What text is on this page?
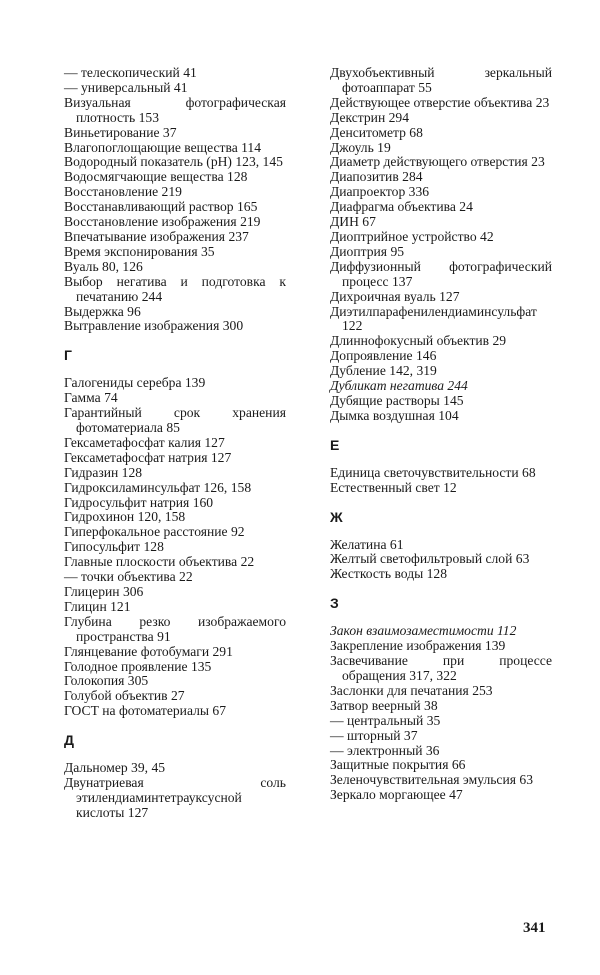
— телескопический 41
— универсальный 41
Визуальная фотографическая плотность 153
Виньетирование 37
Влагопоглощающие вещества 114
Водородный показатель (pH) 123, 145
Водосмягчающие вещества 128
Восстановление 219
Восстанавливающий раствор 165
Восстановление изображения 219
Впечатывание изображения 237
Время экспонирования 35
Вуаль 80, 126
Выбор негатива и подготовка к печатанию 244
Выдержка 96
Вытравление изображения 300
Г
Галогениды серебра 139
Гамма 74
Гарантийный срок хранения фотоматериала 85
Гексаметафосфат калия 127
Гексаметафосфат натрия 127
Гидразин 128
Гидроксиламинсульфат 126, 158
Гидросульфит натрия 160
Гидрохинон 120, 158
Гиперфокальное расстояние 92
Гипосульфит 128
Главные плоскости объектива 22
— точки объектива 22
Глицерин 306
Глицин 121
Глубина резко изображаемого пространства 91
Глянцевание фотобумаги 291
Голодное проявление 135
Голокопия 305
Голубой объектив 27
ГОСТ на фотоматериалы 67
Д
Дальномер 39, 45
Двунатриевая соль этилендиаминтетрауксусной кислоты 127
Двухобъективный зеркальный фотоаппарат 55
Действующее отверстие объектива 23
Декстрин 294
Денситометр 68
Джоуль 19
Диаметр действующего отверстия 23
Диапозитив 284
Диапроектор 336
Диафрагма объектива 24
ДИН 67
Диоптрийное устройство 42
Диоптрия 95
Диффузионный фотографический процесс 137
Дихроичная вуаль 127
Диэтилпарафенилендиаминсульфат 122
Длиннофокусный объектив 29
Допроявление 146
Дубление 142, 319
Дубликат негатива 244
Дубящие растворы 145
Дымка воздушная 104
Е
Единица светочувствительности 68
Естественный свет 12
Ж
Желатина 61
Желтый светофильтровый слой 63
Жесткость воды 128
З
Закон взаимозаместимости 112
Закрепление изображения 139
Засвечивание при процессе обращения 317, 322
Заслонки для печатания 253
Затвор веерный 38
— центральный 35
— шторный 37
— электронный 36
Защитные покрытия 66
Зеленочувствительная эмульсия 63
Зеркало моргающее 47
341
